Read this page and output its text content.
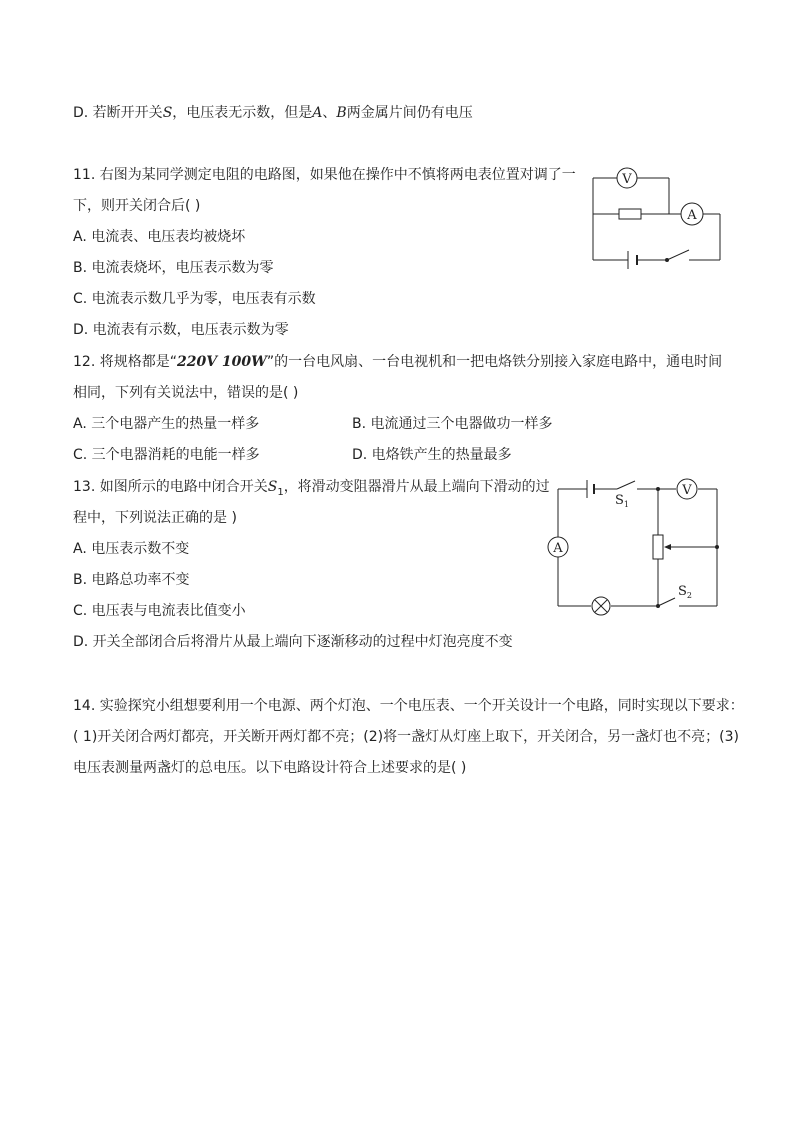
D. 若断开开关S，电压表无示数，但是A、B两金属片间仍有电压
11. 右图为某同学测定电阻的电路图，如果他在操作中不慎将两电表位置对调了一
下，则开关闭合后( )
A. 电流表、电压表均被烧坏
B. 电流表烧坏，电压表示数为零
C. 电流表示数几乎为零，电压表有示数
D. 电流表有示数，电压表示数为零
V
A
12. 将规格都是“220V 100W”的一台电风扇、一台电视机和一把电烙铁分别接入家庭电路中，通电时间
相同，下列有关说法中，错误的是( )
A. 三个电器产生的热量一样多	B. 电流通过三个电器做功一样多
C. 三个电器消耗的电能一样多	D. 电烙铁产生的热量最多
13. 如图所示的电路中闭合开关$S_1$，将滑动变阻器滑片从最上端向下滑动的过
程中，下列说法正确的是 )
A. 电压表示数不变
B. 电路总功率不变
C. 电压表与电流表比值变小
D. 开关全部闭合后将滑片从最上端向下逐渐移动的过程中灯泡亮度不变
V
A
$S_1$
$S_2$
14. 实验探究小组想要利用一个电源、两个灯泡、一个电压表、一个开关设计一个电路，同时实现以下要求：
( 1)开关闭合两灯都亮，开关断开两灯都不亮；(2)将一盏灯从灯座上取下，开关闭合，另一盏灯也不亮；(3)
电压表测量两盏灯的总电压。以下电路设计符合上述要求的是( )
